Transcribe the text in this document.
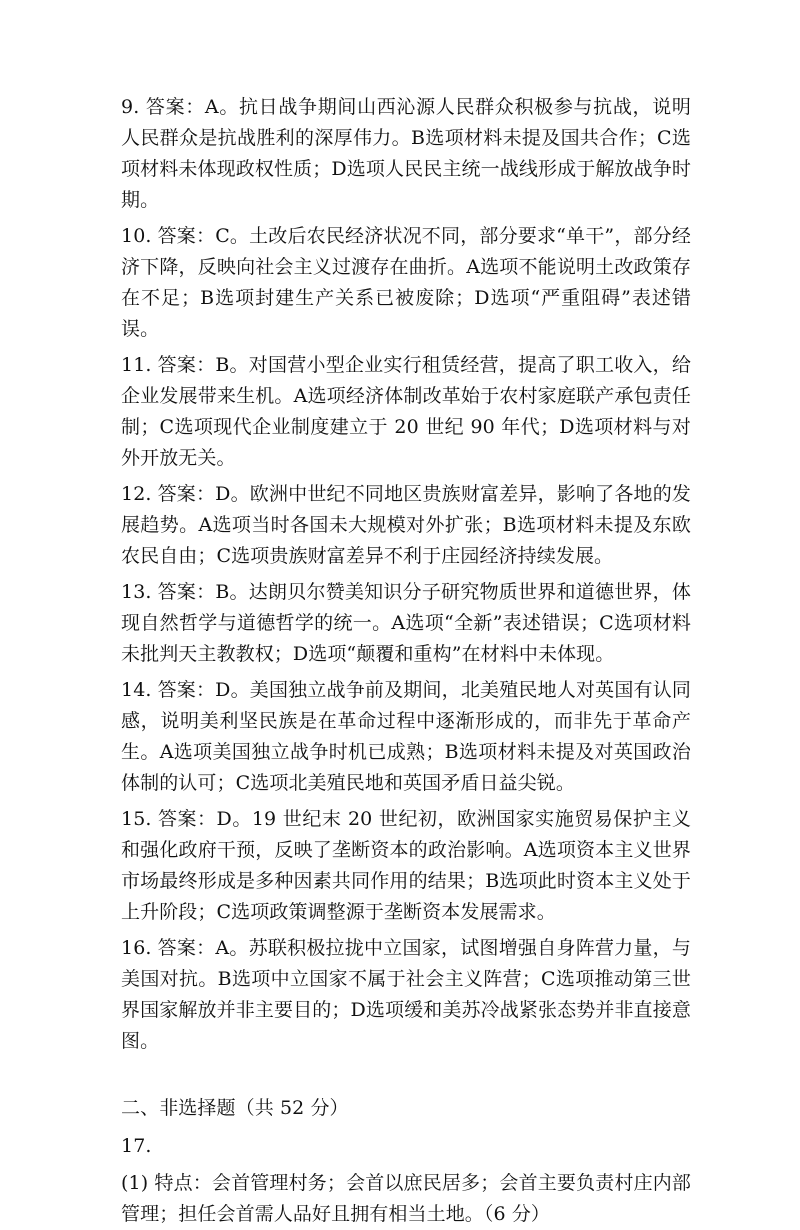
9. 答案：A。抗日战争期间山西沁源人民群众积极参与抗战，说明人民群众是抗战胜利的深厚伟力。B选项材料未提及国共合作；C选项材料未体现政权性质；D选项人民民主统一战线形成于解放战争时期。

10. 答案：C。土改后农民经济状况不同，部分要求“单干”，部分经济下降，反映向社会主义过渡存在曲折。A选项不能说明土改政策存在不足；B选项封建生产关系已被废除；D选项“严重阻碍”表述错误。

11. 答案：B。对国营小型企业实行租赁经营，提高了职工收入，给企业发展带来生机。A选项经济体制改革始于农村家庭联产承包责任制；C选项现代企业制度建立于 20 世纪 90 年代；D选项材料与对外开放无关。

12. 答案：D。欧洲中世纪不同地区贵族财富差异，影响了各地的发展趋势。A选项当时各国未大规模对外扩张；B选项材料未提及东欧农民自由；C选项贵族财富差异不利于庄园经济持续发展。

13. 答案：B。达朗贝尔赞美知识分子研究物质世界和道德世界，体现自然哲学与道德哲学的统一。A选项“全新”表述错误；C选项材料未批判天主教教权；D选项“颠覆和重构”在材料中未体现。

14. 答案：D。美国独立战争前及期间，北美殖民地人对英国有认同感，说明美利坚民族是在革命过程中逐渐形成的，而非先于革命产生。A选项美国独立战争时机已成熟；B选项材料未提及对英国政治体制的认可；C选项北美殖民地和英国矛盾日益尖锐。

15. 答案：D。19 世纪末 20 世纪初，欧洲国家实施贸易保护主义和强化政府干预，反映了垄断资本的政治影响。A选项资本主义世界市场最终形成是多种因素共同作用的结果；B选项此时资本主义处于上升阶段；C选项政策调整源于垄断资本发展需求。

16. 答案：A。苏联积极拉拢中立国家，试图增强自身阵营力量，与美国对抗。B选项中立国家不属于社会主义阵营；C选项推动第三世界国家解放并非主要目的；D选项缓和美苏冷战紧张态势并非直接意图。

二、非选择题（共 52 分）

17.

(1) 特点：会首管理村务；会首以庶民居多；会首主要负责村庄内部管理；担任会首需人品好且拥有相当土地。（6 分）
